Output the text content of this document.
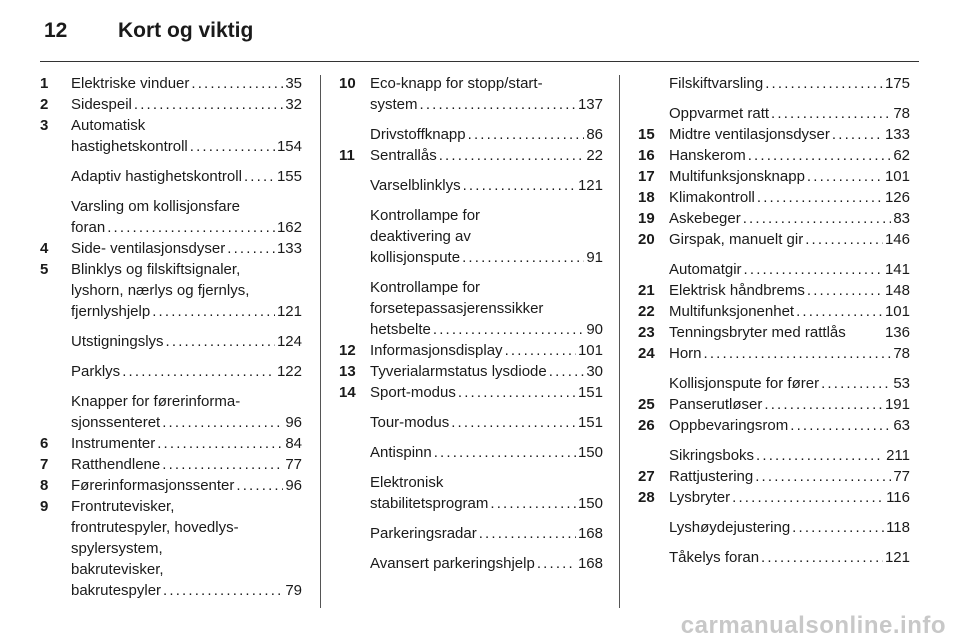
12 Kort og viktig
1 Elektriske vinduer . . .	35
2 Sidespeil . . .	32
3 Automatisk
hastighetskontroll . . .	154
Adaptiv hastighetskontroll . . . 155
Varsling om kollisjonsfare
foran . . .	162
4 Side- ventilasjonsdyser . . .	133
5 Blinklys og filskiftsignaler,
lyshorn, nærlys og fjernlys,
fjernlyshjelp . . .	121
Utstigningslys . . .	124
Parklys . . .	122
Knapper for førerinforma-
sjonssenteret . . .	96
6 Instrumenter . . .	84
7 Ratthendlene . . .	77
8 Førerinformasjonssenter . . .	96
9 Frontrutevisker,
frontrutespyler, hovedlys-
spylersystem,
bakrutevisker,
bakrutespyler . . .	79
10 Eco-knapp for stopp/start-
system . . .	137
Drivstoffknapp . . .	86
11 Sentrallås . . .	22
Varselblinklys . . .	121
Kontrollampe for
deaktivering av
kollisjonspute . . .	91
Kontrollampe for
forsetepassasjerenssikker
hetsbelte . . .	90
12 Informasjonsdisplay . . .	101
13 Tyverialarmstatus lysdiode . . .	30
14 Sport-modus . . .	151
Tour-modus . . .	151
Antispinn . . .	150
Elektronisk
stabilitetsprogram . . .	150
Parkeringsradar . . .	168
Avansert parkeringshjelp . . .	168
Filskiftvarsling . . .	175
Oppvarmet ratt . . .	78
15 Midtre ventilasjonsdyser . . .	133
16 Hanskerom . . .	62
17 Multifunksjonsknapp . . .	101
18 Klimakontroll . . .	126
19 Askebeger . . .	83
20 Girspak, manuelt gir . . .	146
Automatgir . . .	141
21 Elektrisk håndbrems . . .	148
22 Multifunksjonenhet . . .	101
23 Tenningsbryter med rattlås	136
24 Horn . . .	78
Kollisjonspute for fører . . .	53
25 Panserutløser . . .	191
26 Oppbevaringsrom . . .	63
Sikringsboks . . .	211
27 Rattjustering . . .	77
28 Lysbryter . . .	116
Lyshøydejustering . . .	118
Tåkelys foran . . .	121
carmanualsonline.info
